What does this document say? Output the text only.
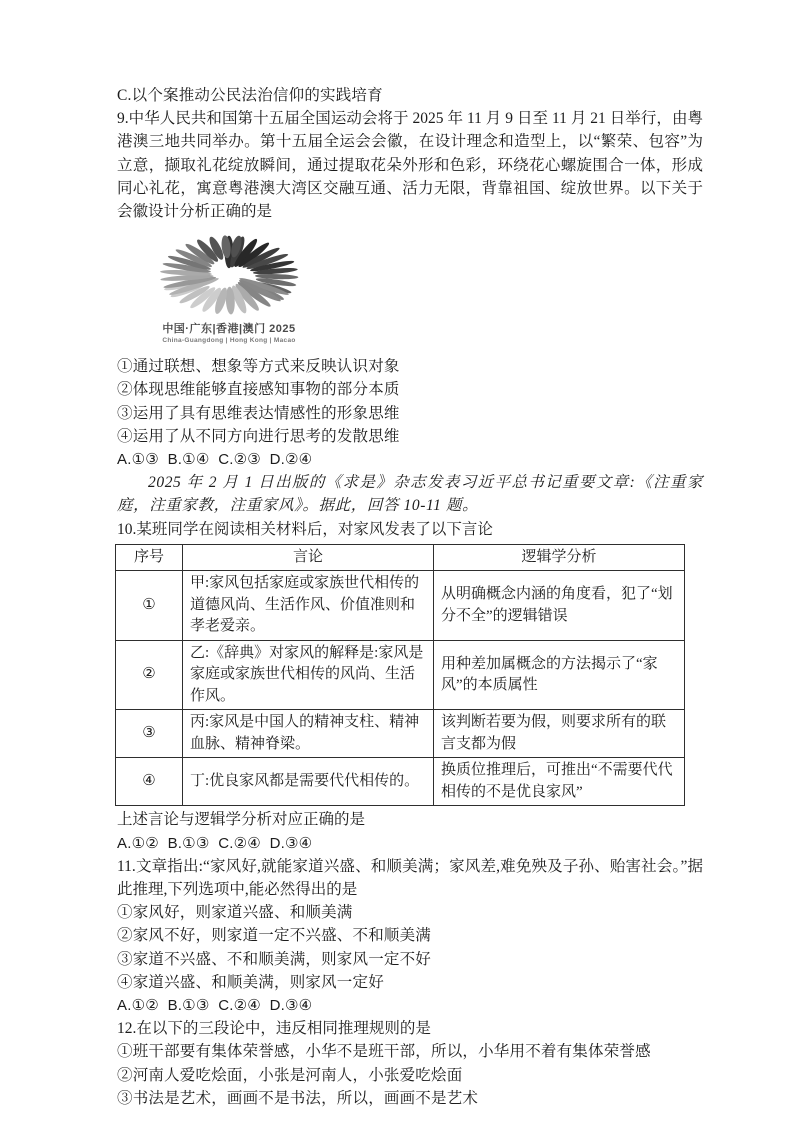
C.以个案推动公民法治信仰的实践培育

9.中华人民共和国第十五届全国运动会将于 2025 年 11 月 9 日至 11 月 21 日举行，由粤港澳三地共同举办。第十五届全运会会徽，在设计理念和造型上，以“繁荣、包容”为立意，撷取礼花绽放瞬间，通过提取花朵外形和色彩，环绕花心螺旋围合一体，形成同心礼花，寓意粤港澳大湾区交融互通、活力无限，背靠祖国、绽放世界。以下关于会徽设计分析正确的是

中国·广东|香港|澳门 2025
China-Guangdong | Hong Kong | Macao

①通过联想、想象等方式来反映认识对象

②体现思维能够直接感知事物的部分本质

③运用了具有思维表达情感性的形象思维

④运用了从不同方向进行思考的发散思维

A.①③  B.①④  C.②③  D.②④

2025 年 2 月 1 日出版的《求是》杂志发表习近平总书记重要文章:《注重家庭，注重家教，注重家风》。据此，回答 10-11 题。

10.某班同学在阅读相关材料后，对家风发表了以下言论

序号	言论	逻辑学分析
①	甲:家风包括家庭或家族世代相传的道德风尚、生活作风、价值准则和孝老爱亲。	从明确概念内涵的角度看，犯了“划分不全”的逻辑错误
②	乙:《辞典》对家风的解释是:家风是家庭或家族世代相传的风尚、生活作风。	用种差加属概念的方法揭示了“家风”的本质属性
③	丙:家风是中国人的精神支柱、精神血脉、精神脊梁。	该判断若要为假，则要求所有的联言支都为假
④	丁:优良家风都是需要代代相传的。	换质位推理后，可推出“不需要代代相传的不是优良家风”

上述言论与逻辑学分析对应正确的是

A.①②  B.①③  C.②④  D.③④

11.文章指出:“家风好,就能家道兴盛、和顺美满；家风差,难免殃及子孙、贻害社会。”据此推理,下列选项中,能必然得出的是

①家风好，则家道兴盛、和顺美满

②家风不好，则家道一定不兴盛、不和顺美满

③家道不兴盛、不和顺美满，则家风一定不好

④家道兴盛、和顺美满，则家风一定好

A.①②  B.①③  C.②④  D.③④

12.在以下的三段论中，违反相同推理规则的是

①班干部要有集体荣誉感，小华不是班干部，所以，小华用不着有集体荣誉感

②河南人爱吃烩面，小张是河南人，小张爱吃烩面

③书法是艺术，画画不是书法，所以，画画不是艺术
